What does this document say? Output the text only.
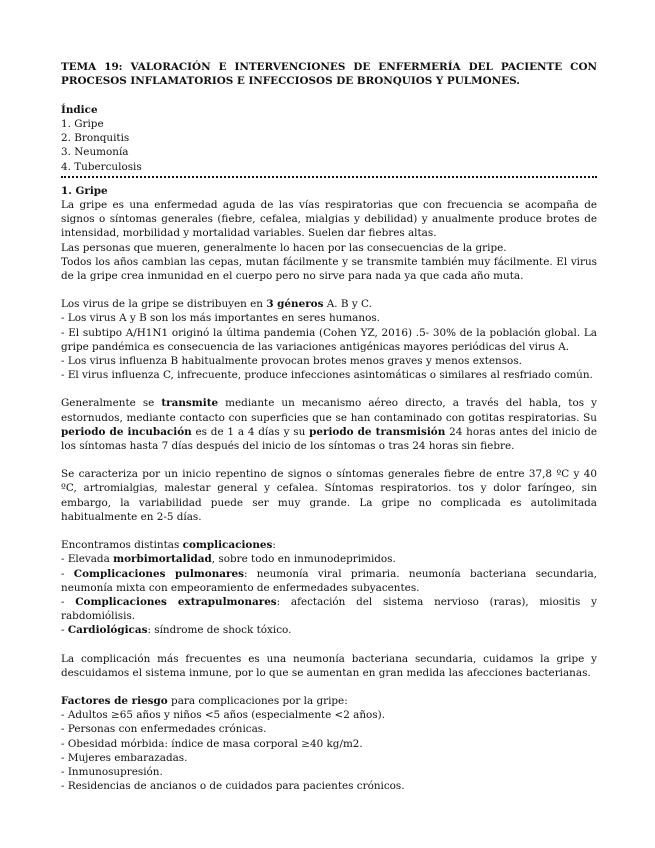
TEMA 19: VALORACIÓN E INTERVENCIONES DE ENFERMERÍA DEL PACIENTE CON PROCESOS INFLAMATORIOS E INFECCIOSOS DE BRONQUIOS Y PULMONES.

Índice

1. Gripe
2. Bronquitis
3. Neumonía
4. Tuberculosis
1. Gripe

La gripe es una enfermedad aguda de las vías respiratorias que con frecuencia se acompaña de signos o síntomas generales (fiebre, cefalea, mialgias y debilidad) y anualmente produce brotes de intensidad, morbilidad y mortalidad variables. Suelen dar fiebres altas.

Las personas que mueren, generalmente lo hacen por las consecuencias de la gripe.

Todos los años cambian las cepas, mutan fácilmente y se transmite también muy fácilmente. El virus de la gripe crea inmunidad en el cuerpo pero no sirve para nada ya que cada año muta.

Los virus de la gripe se distribuyen en 3 géneros A. B y C.

- Los virus A y B son los más importantes en seres humanos.

- El subtipo A/H1N1 originó la última pandemia (Cohen YZ, 2016) .5- 30% de la población global. La gripe pandémica es consecuencia de las variaciones antigénicas mayores periódicas del virus A.

- Los virus influenza B habitualmente provocan brotes menos graves y menos extensos.

- El virus influenza C, infrecuente, produce infecciones asintomáticas o similares al resfriado común.

Generalmente se transmite mediante un mecanismo aéreo directo, a través del habla, tos y estornudos, mediante contacto con superficies que se han contaminado con gotitas respiratorias. Su periodo de incubación es de 1 a 4 días y su periodo de transmisión 24 horas antes del inicio de los síntomas hasta 7 días después del inicio de los síntomas o tras 24 horas sin fiebre.

Se caracteriza por un inicio repentino de signos o síntomas generales fiebre de entre 37,8 ºC y 40 ºC, artromialgias, malestar general y cefalea. Síntomas respiratorios. tos y dolor faríngeo, sin embargo, la variabilidad puede ser muy grande. La gripe no complicada es autolimitada habitualmente en 2-5 días.

Encontramos distintas complicaciones:

- Elevada morbimortalidad, sobre todo en inmunodeprimidos.

- Complicaciones pulmonares: neumonía viral primaria. neumonía bacteriana secundaria, neumonía mixta con empeoramiento de enfermedades subyacentes.

- Complicaciones extrapulmonares: afectación del sistema nervioso (raras), miositis y rabdomiólisis.

- Cardiológicas: síndrome de shock tóxico.

La complicación más frecuentes es una neumonía bacteriana secundaria, cuidamos la gripe y descuidamos el sistema inmune, por lo que se aumentan en gran medida las afecciones bacterianas.

Factores de riesgo para complicaciones por la gripe:

- Adultos ≥65 años y niños <5 años (especialmente <2 años).

- Personas con enfermedades crónicas.

- Obesidad mórbida: índice de masa corporal ≥40 kg/m2.

- Mujeres embarazadas.

- Inmunosupresión.

- Residencias de ancianos o de cuidados para pacientes crónicos.
